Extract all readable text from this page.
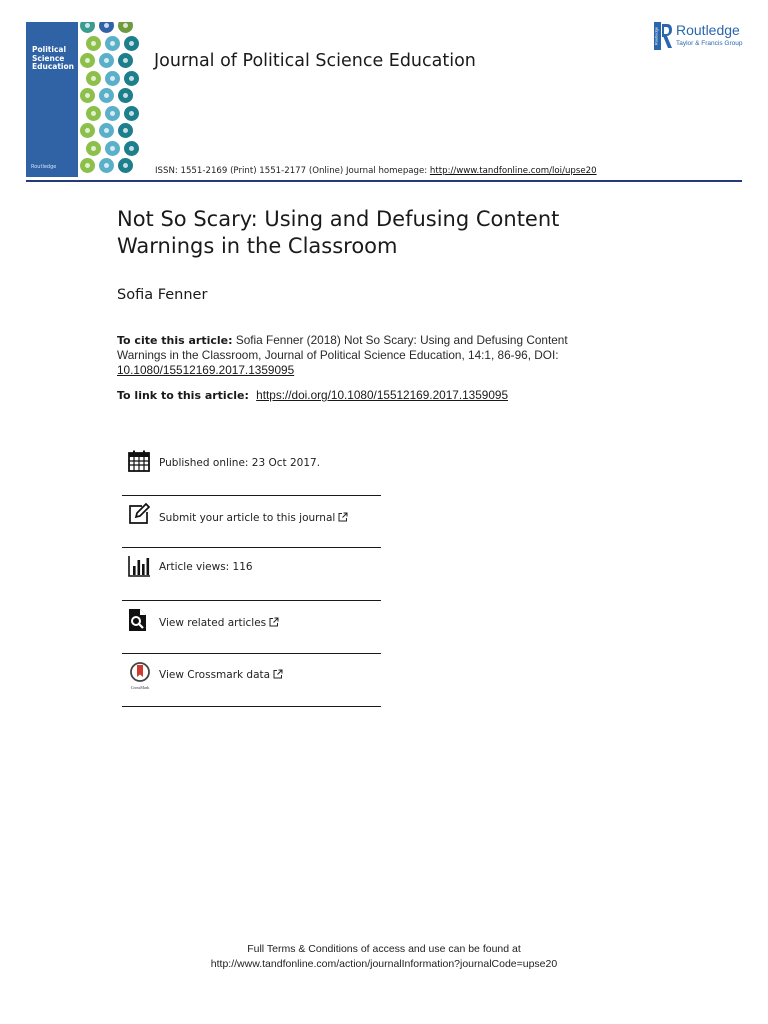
Political
Science
Education
Routledge
Journal of Political Science Education
Routledge Routledge
Taylor & Francis Group
ISSN: 1551-2169 (Print) 1551-2177 (Online) Journal homepage: http://www.tandfonline.com/loi/upse20
Not So Scary: Using and Defusing Content Warnings in the Classroom
Sofia Fenner
To cite this article: Sofia Fenner (2018) Not So Scary: Using and Defusing Content Warnings in the Classroom, Journal of Political Science Education, 14:1, 86-96, DOI: 10.1080/15512169.2017.1359095
To link to this article: https://doi.org/10.1080/15512169.2017.1359095
Published online: 23 Oct 2017.
Submit your article to this journal
Article views: 116
View related articles
CrossMark
View Crossmark data
Full Terms & Conditions of access and use can be found at
http://www.tandfonline.com/action/journalInformation?journalCode=upse20
